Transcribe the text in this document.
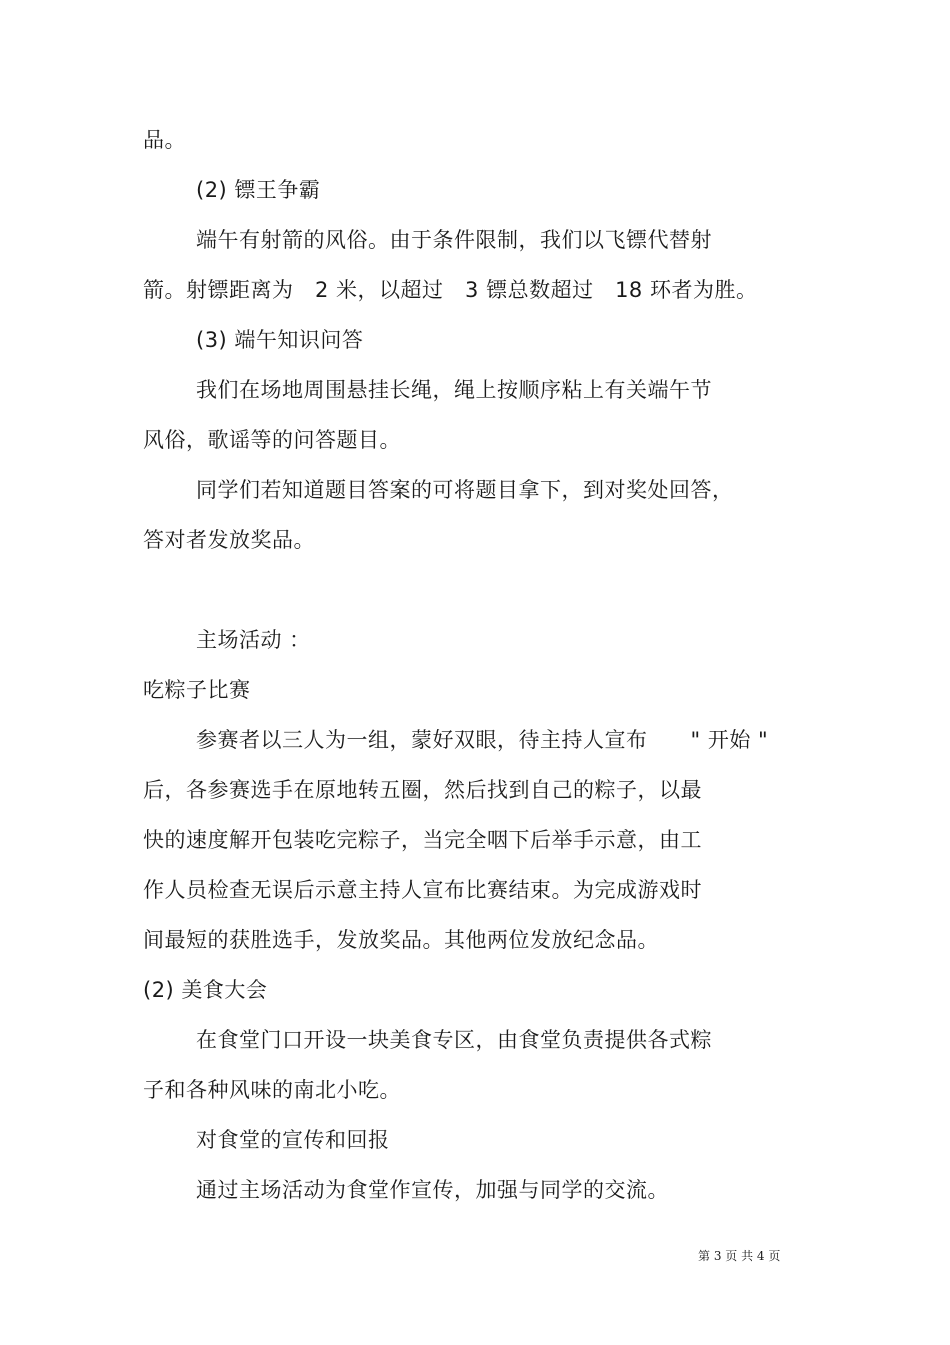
品。
(2) 镖王争霸
端午有射箭的风俗。由于条件限制，我们以飞镖代替射
箭。射镖距离为　2 米，以超过　3 镖总数超过　18 环者为胜。
(3) 端午知识问答
我们在场地周围悬挂长绳，绳上按顺序粘上有关端午节
风俗，歌谣等的问答题目。
同学们若知道题目答案的可将题目拿下，到对奖处回答，
答对者发放奖品。
主场活动 ：
吃粽子比赛
参赛者以三人为一组，蒙好双眼，待主持人宣布　　" 开始 "
后，各参赛选手在原地转五圈，然后找到自己的粽子，以最
快的速度解开包装吃完粽子，当完全咽下后举手示意，由工
作人员检查无误后示意主持人宣布比赛结束。为完成游戏时
间最短的获胜选手，发放奖品。其他两位发放纪念品。
(2) 美食大会
在食堂门口开设一块美食专区，由食堂负责提供各式粽
子和各种风味的南北小吃。
对食堂的宣传和回报
通过主场活动为食堂作宣传，加强与同学的交流。
第 3 页 共 4 页
